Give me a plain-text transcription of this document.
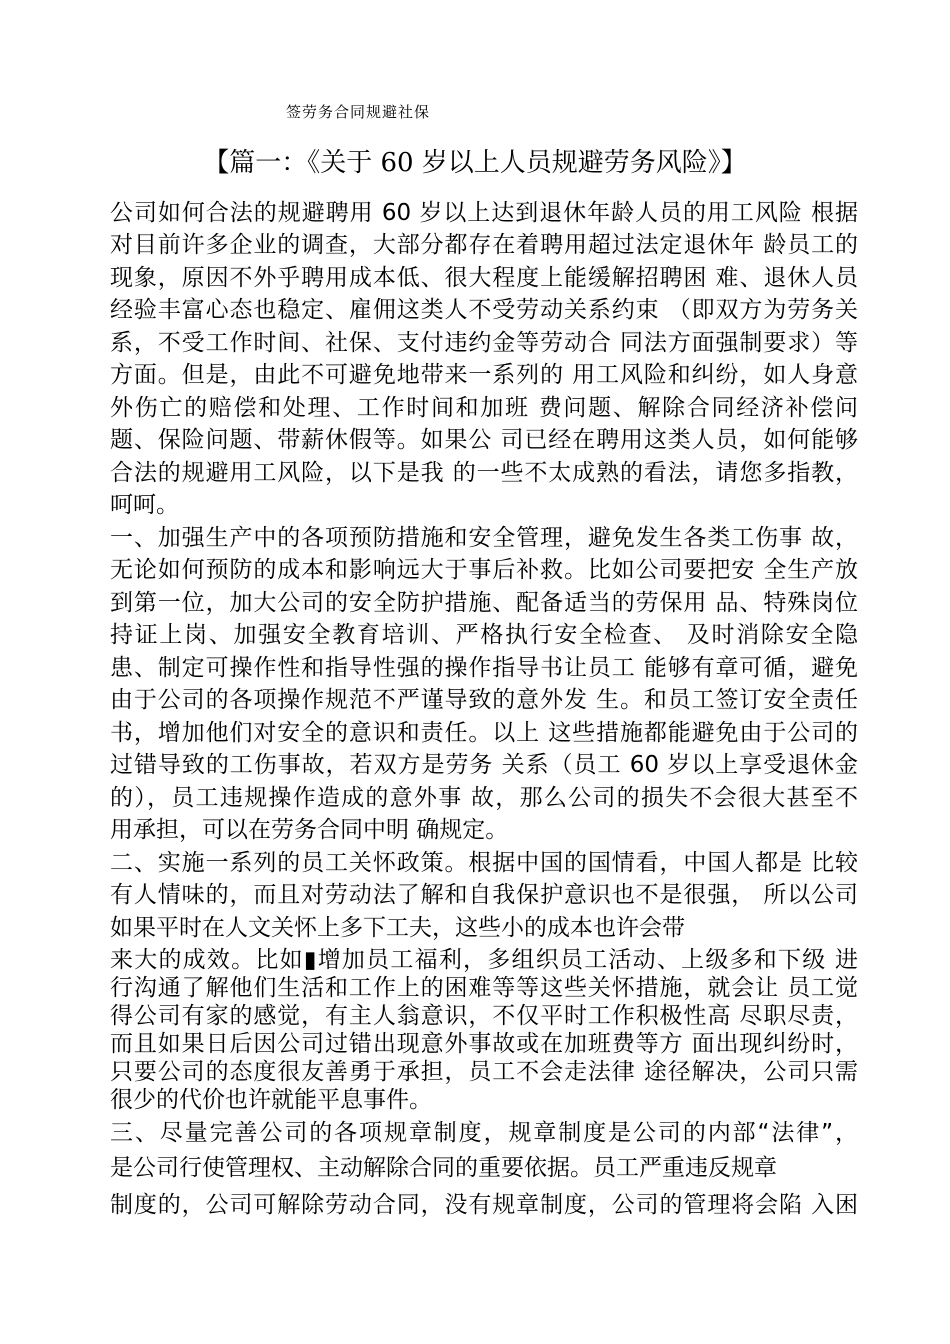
签劳务合同规避社保
【篇一：《关于 60 岁以上人员规避劳务风险》】
公司如何合法的规避聘用 60 岁以上达到退休年龄人员的用工风险 根据
对目前许多企业的调查，大部分都存在着聘用超过法定退休年 龄员工的
现象，原因不外乎聘用成本低、很大程度上能缓解招聘困 难、退休人员
经验丰富心态也稳定、雇佣这类人不受劳动关系约束 （即双方为劳务关
系，不受工作时间、社保、支付违约金等劳动合 同法方面强制要求）等
方面。但是，由此不可避免地带来一系列的 用工风险和纠纷，如人身意
外伤亡的赔偿和处理、工作时间和加班 费问题、解除合同经济补偿问
题、保险问题、带薪休假等。如果公 司已经在聘用这类人员，如何能够
合法的规避用工风险，以下是我 的一些不太成熟的看法，请您多指教，
呵呵。
一、加强生产中的各项预防措施和安全管理，避免发生各类工伤事 故，
无论如何预防的成本和影响远大于事后补救。比如公司要把安 全生产放
到第一位，加大公司的安全防护措施、配备适当的劳保用 品、特殊岗位
持证上岗、加强安全教育培训、严格执行安全检查、 及时消除安全隐
患、制定可操作性和指导性强的操作指导书让员工 能够有章可循，避免
由于公司的各项操作规范不严谨导致的意外发 生。和员工签订安全责任
书，增加他们对安全的意识和责任。以上 这些措施都能避免由于公司的
过错导致的工伤事故，若双方是劳务 关系（员工 60 岁以上享受退休金
的），员工违规操作造成的意外事 故，那么公司的损失不会很大甚至不
用承担，可以在劳务合同中明 确规定。
二、实施一系列的员工关怀政策。根据中国的国情看，中国人都是 比较
有人情味的，而且对劳动法了解和自我保护意识也不是很强， 所以公司
如果平时在人文关怀上多下工夫，这些小的成本也许会带
来大的成效。比如▮增加员工福利，多组织员工活动、上级多和下级 进
行沟通了解他们生活和工作上的困难等等这些关怀措施，就会让 员工觉
得公司有家的感觉，有主人翁意识，不仅平时工作积极性高 尽职尽责，
而且如果日后因公司过错出现意外事故或在加班费等方 面出现纠纷时，
只要公司的态度很友善勇于承担，员工不会走法律 途径解决，公司只需
很少的代价也许就能平息事件。
三、尽量完善公司的各项规章制度，规章制度是公司的内部“法律”，
是公司行使管理权、主动解除合同的重要依据。员工严重违反规章
制度的，公司可解除劳动合同，没有规章制度，公司的管理将会陷 入困
